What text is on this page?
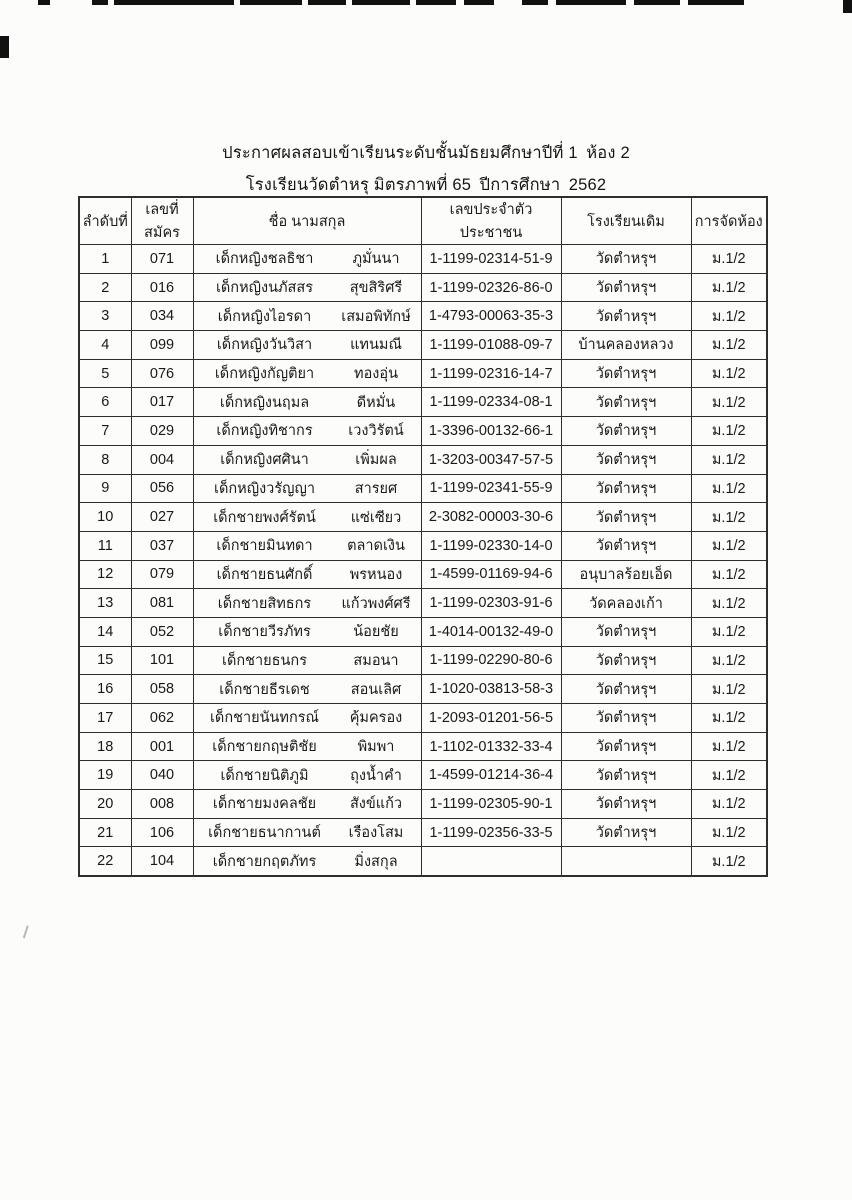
ประกาศผลสอบเข้าเรียนระดับชั้นมัธยมศึกษาปีที่ 1 ห้อง 2
โรงเรียนวัดตำหรุ มิตรภาพที่ 65 ปีการศึกษา 2562
ลำดับที่	เลขที่สมัคร	ชื่อ นามสกุล	เลขประจำตัวประชาชน	โรงเรียนเดิม	การจัดห้อง
1	071	เด็กหญิงชลธิชา ภูมั่นนา	1-1199-02314-51-9	วัดตำหรุฯ	ม.1/2
2	016	เด็กหญิงนภัสสร สุขสิริศรี	1-1199-02326-86-0	วัดตำหรุฯ	ม.1/2
3	034	เด็กหญิงไอรดา เสมอพิทักษ์	1-4793-00063-35-3	วัดตำหรุฯ	ม.1/2
4	099	เด็กหญิงวันวิสา แทนมณี	1-1199-01088-09-7	บ้านคลองหลวง	ม.1/2
5	076	เด็กหญิงกัญติยา ทองอุ่น	1-1199-02316-14-7	วัดตำหรุฯ	ม.1/2
6	017	เด็กหญิงนฤมล ดีหมั่น	1-1199-02334-08-1	วัดตำหรุฯ	ม.1/2
7	029	เด็กหญิงทิชากร เวงวิรัตน์	1-3396-00132-66-1	วัดตำหรุฯ	ม.1/2
8	004	เด็กหญิงศศินา เพิ่มผล	1-3203-00347-57-5	วัดตำหรุฯ	ม.1/2
9	056	เด็กหญิงวรัญญา สารยศ	1-1199-02341-55-9	วัดตำหรุฯ	ม.1/2
10	027	เด็กชายพงศ์รัตน์ แซ่เซียว	2-3082-00003-30-6	วัดตำหรุฯ	ม.1/2
11	037	เด็กชายมินทดา ตลาดเงิน	1-1199-02330-14-0	วัดตำหรุฯ	ม.1/2
12	079	เด็กชายธนศักดิ์ พรหนอง	1-4599-01169-94-6	อนุบาลร้อยเอ็ด	ม.1/2
13	081	เด็กชายสิทธกร แก้วพงศ์ศรี	1-1199-02303-91-6	วัดคลองเก้า	ม.1/2
14	052	เด็กชายวีรภัทร น้อยชัย	1-4014-00132-49-0	วัดตำหรุฯ	ม.1/2
15	101	เด็กชายธนกร สมอนา	1-1199-02290-80-6	วัดตำหรุฯ	ม.1/2
16	058	เด็กชายธีรเดช สอนเลิศ	1-1020-03813-58-3	วัดตำหรุฯ	ม.1/2
17	062	เด็กชายนันทกรณ์ คุ้มครอง	1-2093-01201-56-5	วัดตำหรุฯ	ม.1/2
18	001	เด็กชายกฤษติชัย พิมพา	1-1102-01332-33-4	วัดตำหรุฯ	ม.1/2
19	040	เด็กชายนิติภูมิ ถุงน้ำคำ	1-4599-01214-36-4	วัดตำหรุฯ	ม.1/2
20	008	เด็กชายมงคลชัย สังข์แก้ว	1-1199-02305-90-1	วัดตำหรุฯ	ม.1/2
21	106	เด็กชายธนากานต์ เรืองโสม	1-1199-02356-33-5	วัดตำหรุฯ	ม.1/2
22	104	เด็กชายกฤตภัทร มิ่งสกุล			ม.1/2
